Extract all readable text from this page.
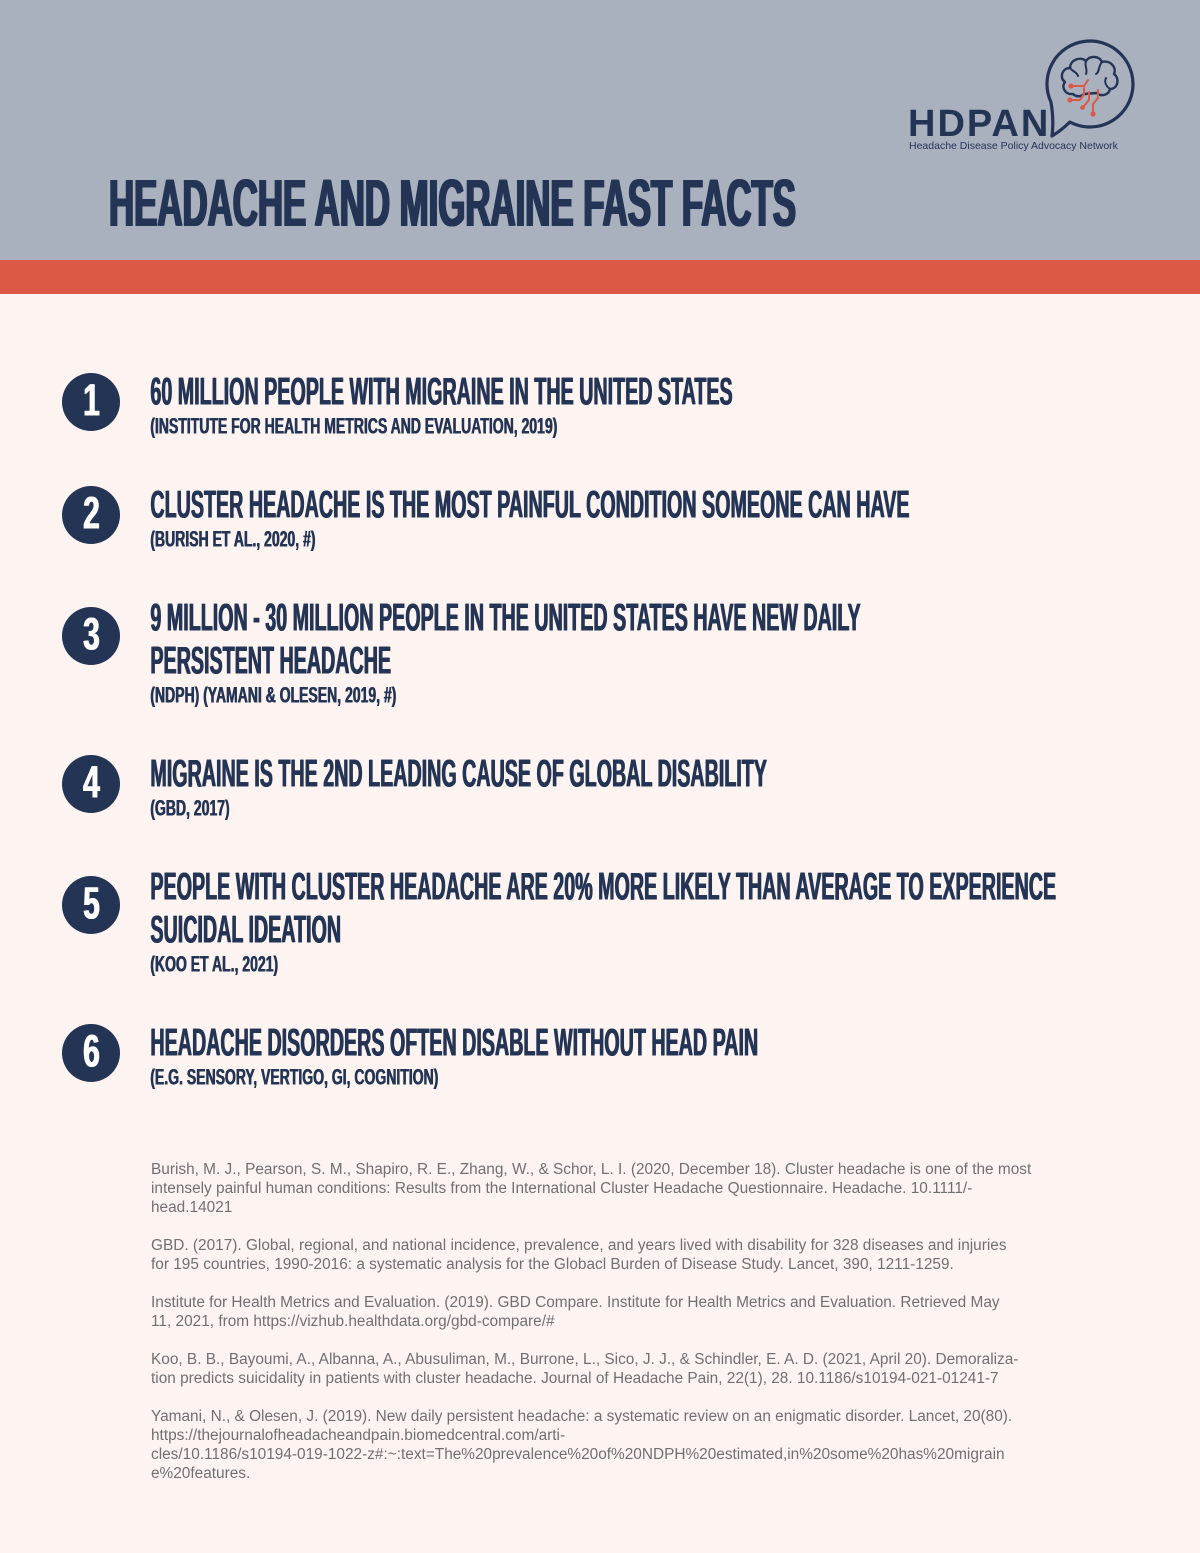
HEADACHE AND MIGRAINE FAST FACTS
HDPAN
Headache Disease Policy Advocacy Network
1	60 MILLION PEOPLE WITH MIGRAINE IN THE UNITED STATES
(INSTITUTE FOR HEALTH METRICS AND EVALUATION, 2019)
2	CLUSTER HEADACHE IS THE MOST PAINFUL CONDITION SOMEONE CAN HAVE
(BURISH ET AL., 2020, #)
3	9 MILLION - 30 MILLION PEOPLE IN THE UNITED STATES HAVE NEW DAILY
PERSISTENT HEADACHE
(NDPH) (YAMANI & OLESEN, 2019, #)
4	MIGRAINE IS THE 2ND LEADING CAUSE OF GLOBAL DISABILITY
(GBD, 2017)
5	PEOPLE WITH CLUSTER HEADACHE ARE 20% MORE LIKELY THAN AVERAGE TO EXPERIENCE
SUICIDAL IDEATION
(KOO ET AL., 2021)
6	HEADACHE DISORDERS OFTEN DISABLE WITHOUT HEAD PAIN
(E.G. SENSORY, VERTIGO, GI, COGNITION)
Burish, M. J., Pearson, S. M., Shapiro, R. E., Zhang, W., & Schor, L. I. (2020, December 18). Cluster headache is one of the most
intensely painful human conditions: Results from the International Cluster Headache Questionnaire. Headache. 10.1111/-
head.14021
GBD. (2017). Global, regional, and national incidence, prevalence, and years lived with disability for 328 diseases and injuries
for 195 countries, 1990-2016: a systematic analysis for the Globacl Burden of Disease Study. Lancet, 390, 1211-1259.
Institute for Health Metrics and Evaluation. (2019). GBD Compare. Institute for Health Metrics and Evaluation. Retrieved May
11, 2021, from https://vizhub.healthdata.org/gbd-compare/#
Koo, B. B., Bayoumi, A., Albanna, A., Abusuliman, M., Burrone, L., Sico, J. J., & Schindler, E. A. D. (2021, April 20). Demoraliza-
tion predicts suicidality in patients with cluster headache. Journal of Headache Pain, 22(1), 28. 10.1186/s10194-021-01241-7
Yamani, N., & Olesen, J. (2019). New daily persistent headache: a systematic review on an enigmatic disorder. Lancet, 20(80).
https://thejournalofheadacheandpain.biomedcentral.com/arti-
cles/10.1186/s10194-019-1022-z#:~:text=The%20prevalence%20of%20NDPH%20estimated,in%20some%20has%20migrain
e%20features.
